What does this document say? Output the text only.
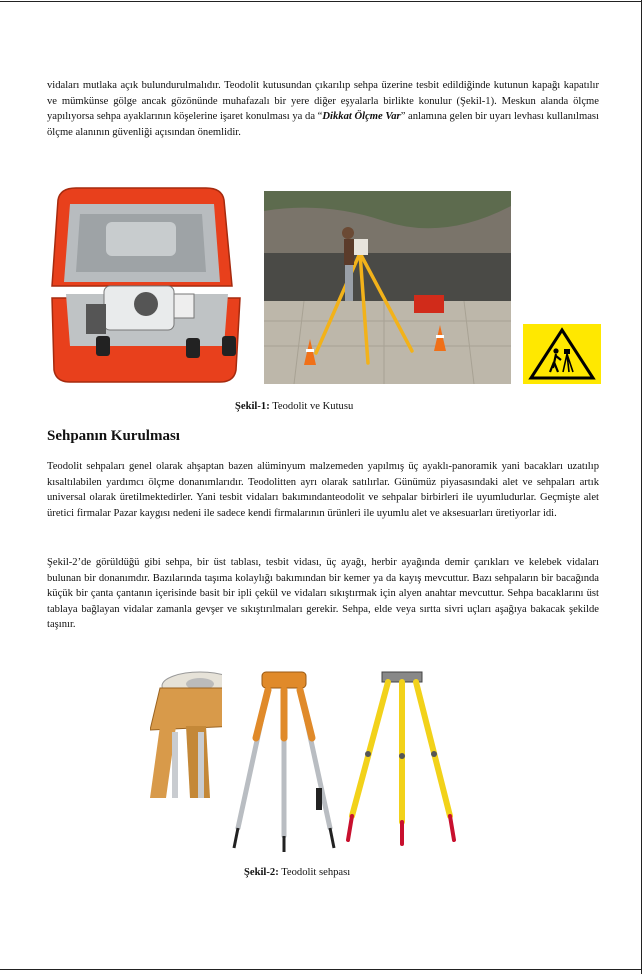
vidaları mutlaka açık bulundurulmalıdır. Teodolit kutusundan çıkarılıp sehpa üzerine tesbit edildiğinde kutunun kapağı kapatılır ve mümkünse gölge ancak gözönünde muhafazalı bir yere diğer eşyalarla birlikte konulur (Şekil-1). Meskun alanda ölçme yapılıyorsa sehpa ayaklarının köşelerine işaret konulması ya da “Dikkat Ölçme Var” anlamına gelen bir uyarı levhası kullanılması ölçme alanının güvenliği açısından önemlidir.

Şekil-1: Teodolit ve Kutusu

Sehpanın Kurulması

Teodolit sehpaları genel olarak ahşaptan bazen alüminyum malzemeden yapılmış üç ayaklı-panoramik yani bacakları uzatılıp kısaltılabilen yardımcı ölçme donanımlarıdır. Teodolitten ayrı olarak satılırlar. Günümüz piyasasındaki alet ve sehpaları artık universal olarak üretilmektedirler. Yani tesbit vidaları bakımındanteodolit ve sehpalar birbirleri ile uyumludurlar. Geçmişte alet üretici firmalar Pazar kaygısı nedeni ile sadece kendi firmalarının ürünleri ile uyumlu alet ve aksesuarları üretiyorlar idi.

Şekil-2’de görüldüğü gibi sehpa, bir üst tablası, tesbit vidası, üç ayağı, herbir ayağında demir çarıkları ve kelebek vidaları bulunan bir donanımdır. Bazılarında taşıma kolaylığı bakımından bir kemer ya da kayış mevcuttur. Bazı sehpaların bir bacağında küçük bir çanta çantanın içerisinde basit bir ipli çekül ve vidaları sıkıştırmak için alyen anahtar mevcuttur. Sehpa bacaklarını üst tablaya bağlayan vidalar zamanla gevşer ve sıkıştırılmaları gerekir. Sehpa, elde veya sırtta sivri uçları aşağıya bakacak şekilde taşınır.

Şekil-2: Teodolit sehpası
